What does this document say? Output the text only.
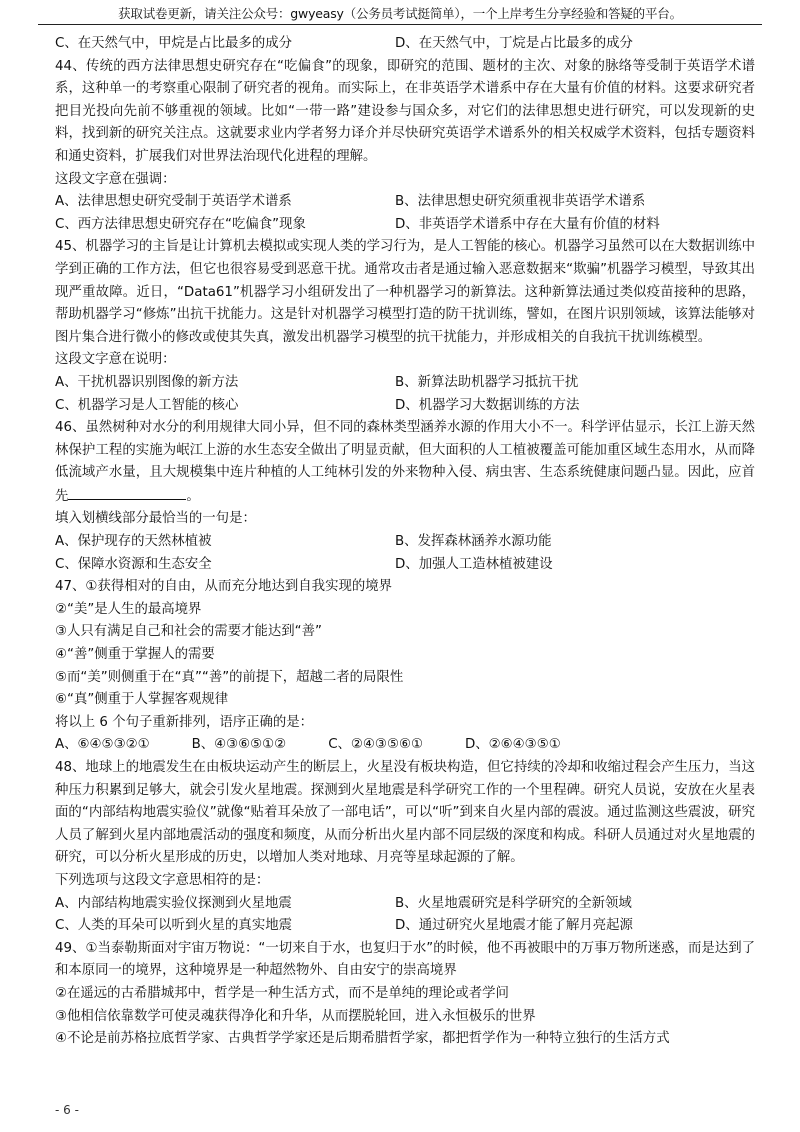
获取试卷更新，请关注公众号：gwyeasy（公务员考试挺简单），一个上岸考生分享经验和答疑的平台。
C、在天然气中，甲烷是占比最多的成分	D、在天然气中，丁烷是占比最多的成分

44、传统的西方法律思想史研究存在“吃偏食”的现象，即研究的范围、题材的主次、对象的脉络等受制于英语学术谱系，这种单一的考察重心限制了研究者的视角。而实际上，在非英语学术谱系中存在大量有价值的材料。这要求研究者把目光投向先前不够重视的领域。比如“一带一路”建设参与国众多，对它们的法律思想史进行研究，可以发现新的史料，找到新的研究关注点。这就要求业内学者努力译介并尽快研究英语学术谱系外的相关权威学术资料，包括专题资料和通史资料，扩展我们对世界法治现代化进程的理解。

这段文字意在强调：

A、法律思想史研究受制于英语学术谱系	B、法律思想史研究须重视非英语学术谱系
C、西方法律思想史研究存在“吃偏食”现象	D、非英语学术谱系中存在大量有价值的材料

45、机器学习的主旨是让计算机去模拟或实现人类的学习行为，是人工智能的核心。机器学习虽然可以在大数据训练中学到正确的工作方法，但它也很容易受到恶意干扰。通常攻击者是通过输入恶意数据来“欺骗”机器学习模型，导致其出现严重故障。近日，“Data61”机器学习小组研发出了一种机器学习的新算法。这种新算法通过类似疫苗接种的思路，帮助机器学习“修炼”出抗干扰能力。这是针对机器学习模型打造的防干扰训练，譬如，在图片识别领域，该算法能够对图片集合进行微小的修改或使其失真，激发出机器学习模型的抗干扰能力，并形成相关的自我抗干扰训练模型。

这段文字意在说明：

A、干扰机器识别图像的新方法	B、新算法助机器学习抵抗干扰
C、机器学习是人工智能的核心	D、机器学习大数据训练的方法

46、虽然树种对水分的利用规律大同小异，但不同的森林类型涵养水源的作用大小不一。科学评估显示，长江上游天然林保护工程的实施为岷江上游的水生态安全做出了明显贡献，但大面积的人工植被覆盖可能加重区域生态用水，从而降低流域产水量，且大规模集中连片种植的人工纯林引发的外来物种入侵、病虫害、生态系统健康问题凸显。因此，应首先	。

填入划横线部分最恰当的一句是：

A、保护现存的天然林植被	B、发挥森林涵养水源功能
C、保障水资源和生态安全	D、加强人工造林植被建设

47、①获得相对的自由，从而充分地达到自我实现的境界

②“美”是人生的最高境界

③人只有满足自己和社会的需要才能达到“善”

④“善”侧重于掌握人的需要

⑤而“美”则侧重于在“真”“善”的前提下，超越二者的局限性

⑥“真”侧重于人掌握客观规律

将以上 6 个句子重新排列，语序正确的是：

A、⑥④⑤③②①	B、④③⑥⑤①②	C、②④③⑤⑥①	D、②⑥④③⑤①

48、地球上的地震发生在由板块运动产生的断层上，火星没有板块构造，但它持续的冷却和收缩过程会产生压力，当这种压力积累到足够大，就会引发火星地震。探测到火星地震是科学研究工作的一个里程碑。研究人员说，安放在火星表面的“内部结构地震实验仪”就像“贴着耳朵放了一部电话”，可以“听”到来自火星内部的震波。通过监测这些震波，研究人员了解到火星内部地震活动的强度和频度，从而分析出火星内部不同层级的深度和构成。科研人员通过对火星地震的研究，可以分析火星形成的历史，以增加人类对地球、月亮等星球起源的了解。

下列选项与这段文字意思相符的是：

A、内部结构地震实验仪探测到火星地震	B、火星地震研究是科学研究的全新领域
C、人类的耳朵可以听到火星的真实地震	D、通过研究火星地震才能了解月亮起源

49、①当泰勒斯面对宇宙万物说：“一切来自于水，也复归于水”的时候，他不再被眼中的万事万物所迷惑，而是达到了和本原同一的境界，这种境界是一种超然物外、自由安宁的崇高境界

②在遥远的古希腊城邦中，哲学是一种生活方式，而不是单纯的理论或者学问

③他相信依靠数学可使灵魂获得净化和升华，从而摆脱轮回，进入永恒极乐的世界

④不论是前苏格拉底哲学家、古典哲学学家还是后期希腊哲学家，都把哲学作为一种特立独行的生活方式

- 6 -
